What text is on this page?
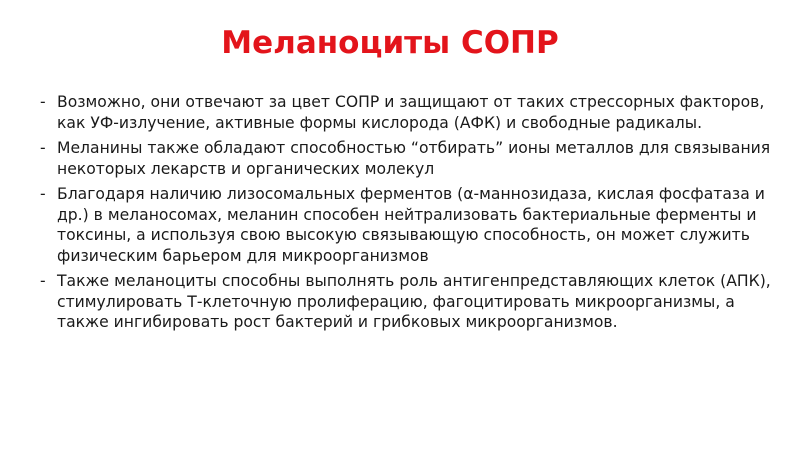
Меланоциты СОПР
- Возможно, они отвечают за цвет СОПР и защищают от таких стрессорных факторов, как УФ-излучение, активные формы кислорода (АФК) и свободные радикалы.
- Меланины также обладают способностью “отбирать” ионы металлов для связывания некоторых лекарств и органических молекул
- Благодаря наличию лизосомальных ферментов (α-маннозидаза, кислая фосфатаза и др.) в меланосомах, меланин способен нейтрализовать бактериальные ферменты и токсины, а используя свою высокую связывающую способность, он может служить физическим барьером для микроорганизмов
- Также меланоциты способны выполнять роль антигенпредставляющих клеток (АПК), стимулировать Т-клеточную пролиферацию, фагоцитировать микроорганизмы, а также ингибировать рост бактерий и грибковых микроорганизмов.
